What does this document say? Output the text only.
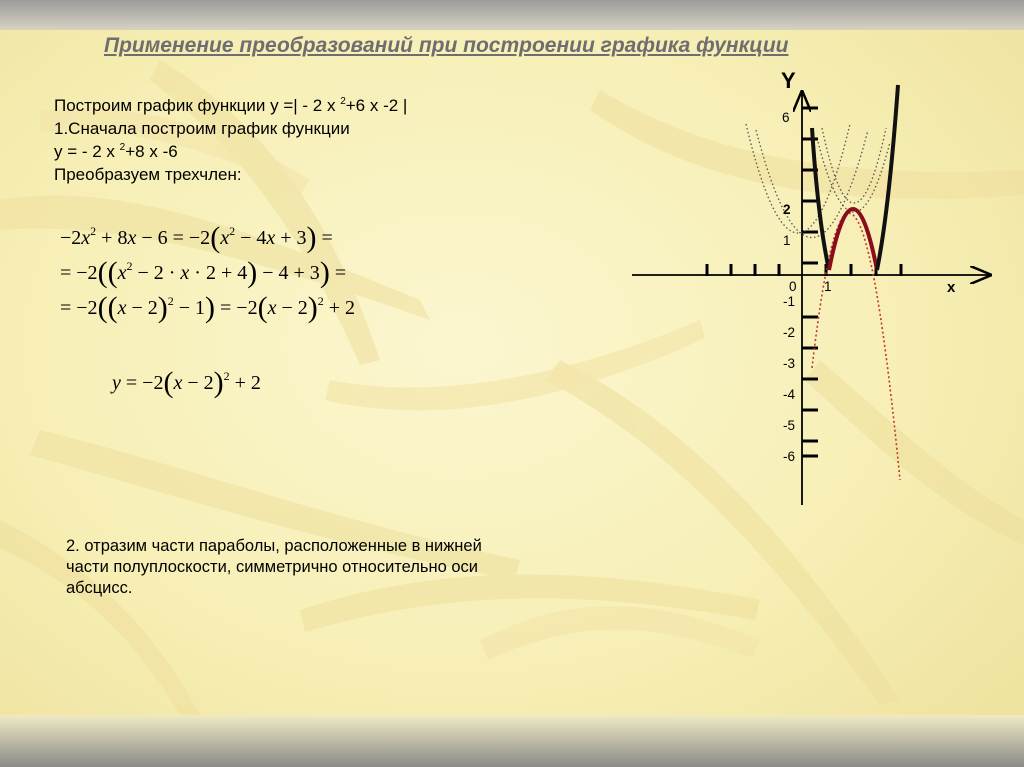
Применение преобразований при построении графика функции
Построим график функции у =| - 2 х $^2$+6 х -2 |
1.Сначала построим график функции
у = - 2 х $^2$+8 х -6
Преобразуем трехчлен:
$-2x^2 + 8x - 6 = -2(x^2 - 4x + 3)$ =
= $-2((x^2 - 2 \cdot x \cdot 2 + 4) - 4 + 3)$ =
= $-2((x - 2)^2 - 1) = -2(x - 2)^2 + 2$
$y = -2(x - 2)^2 + 2$
2. отразим части параболы, расположенные в нижней части полуплоскости, симметрично относительно оси абсцисс.
Y
х
6
2
1
0
-1
-2
-3
-4
-5
-6
1
